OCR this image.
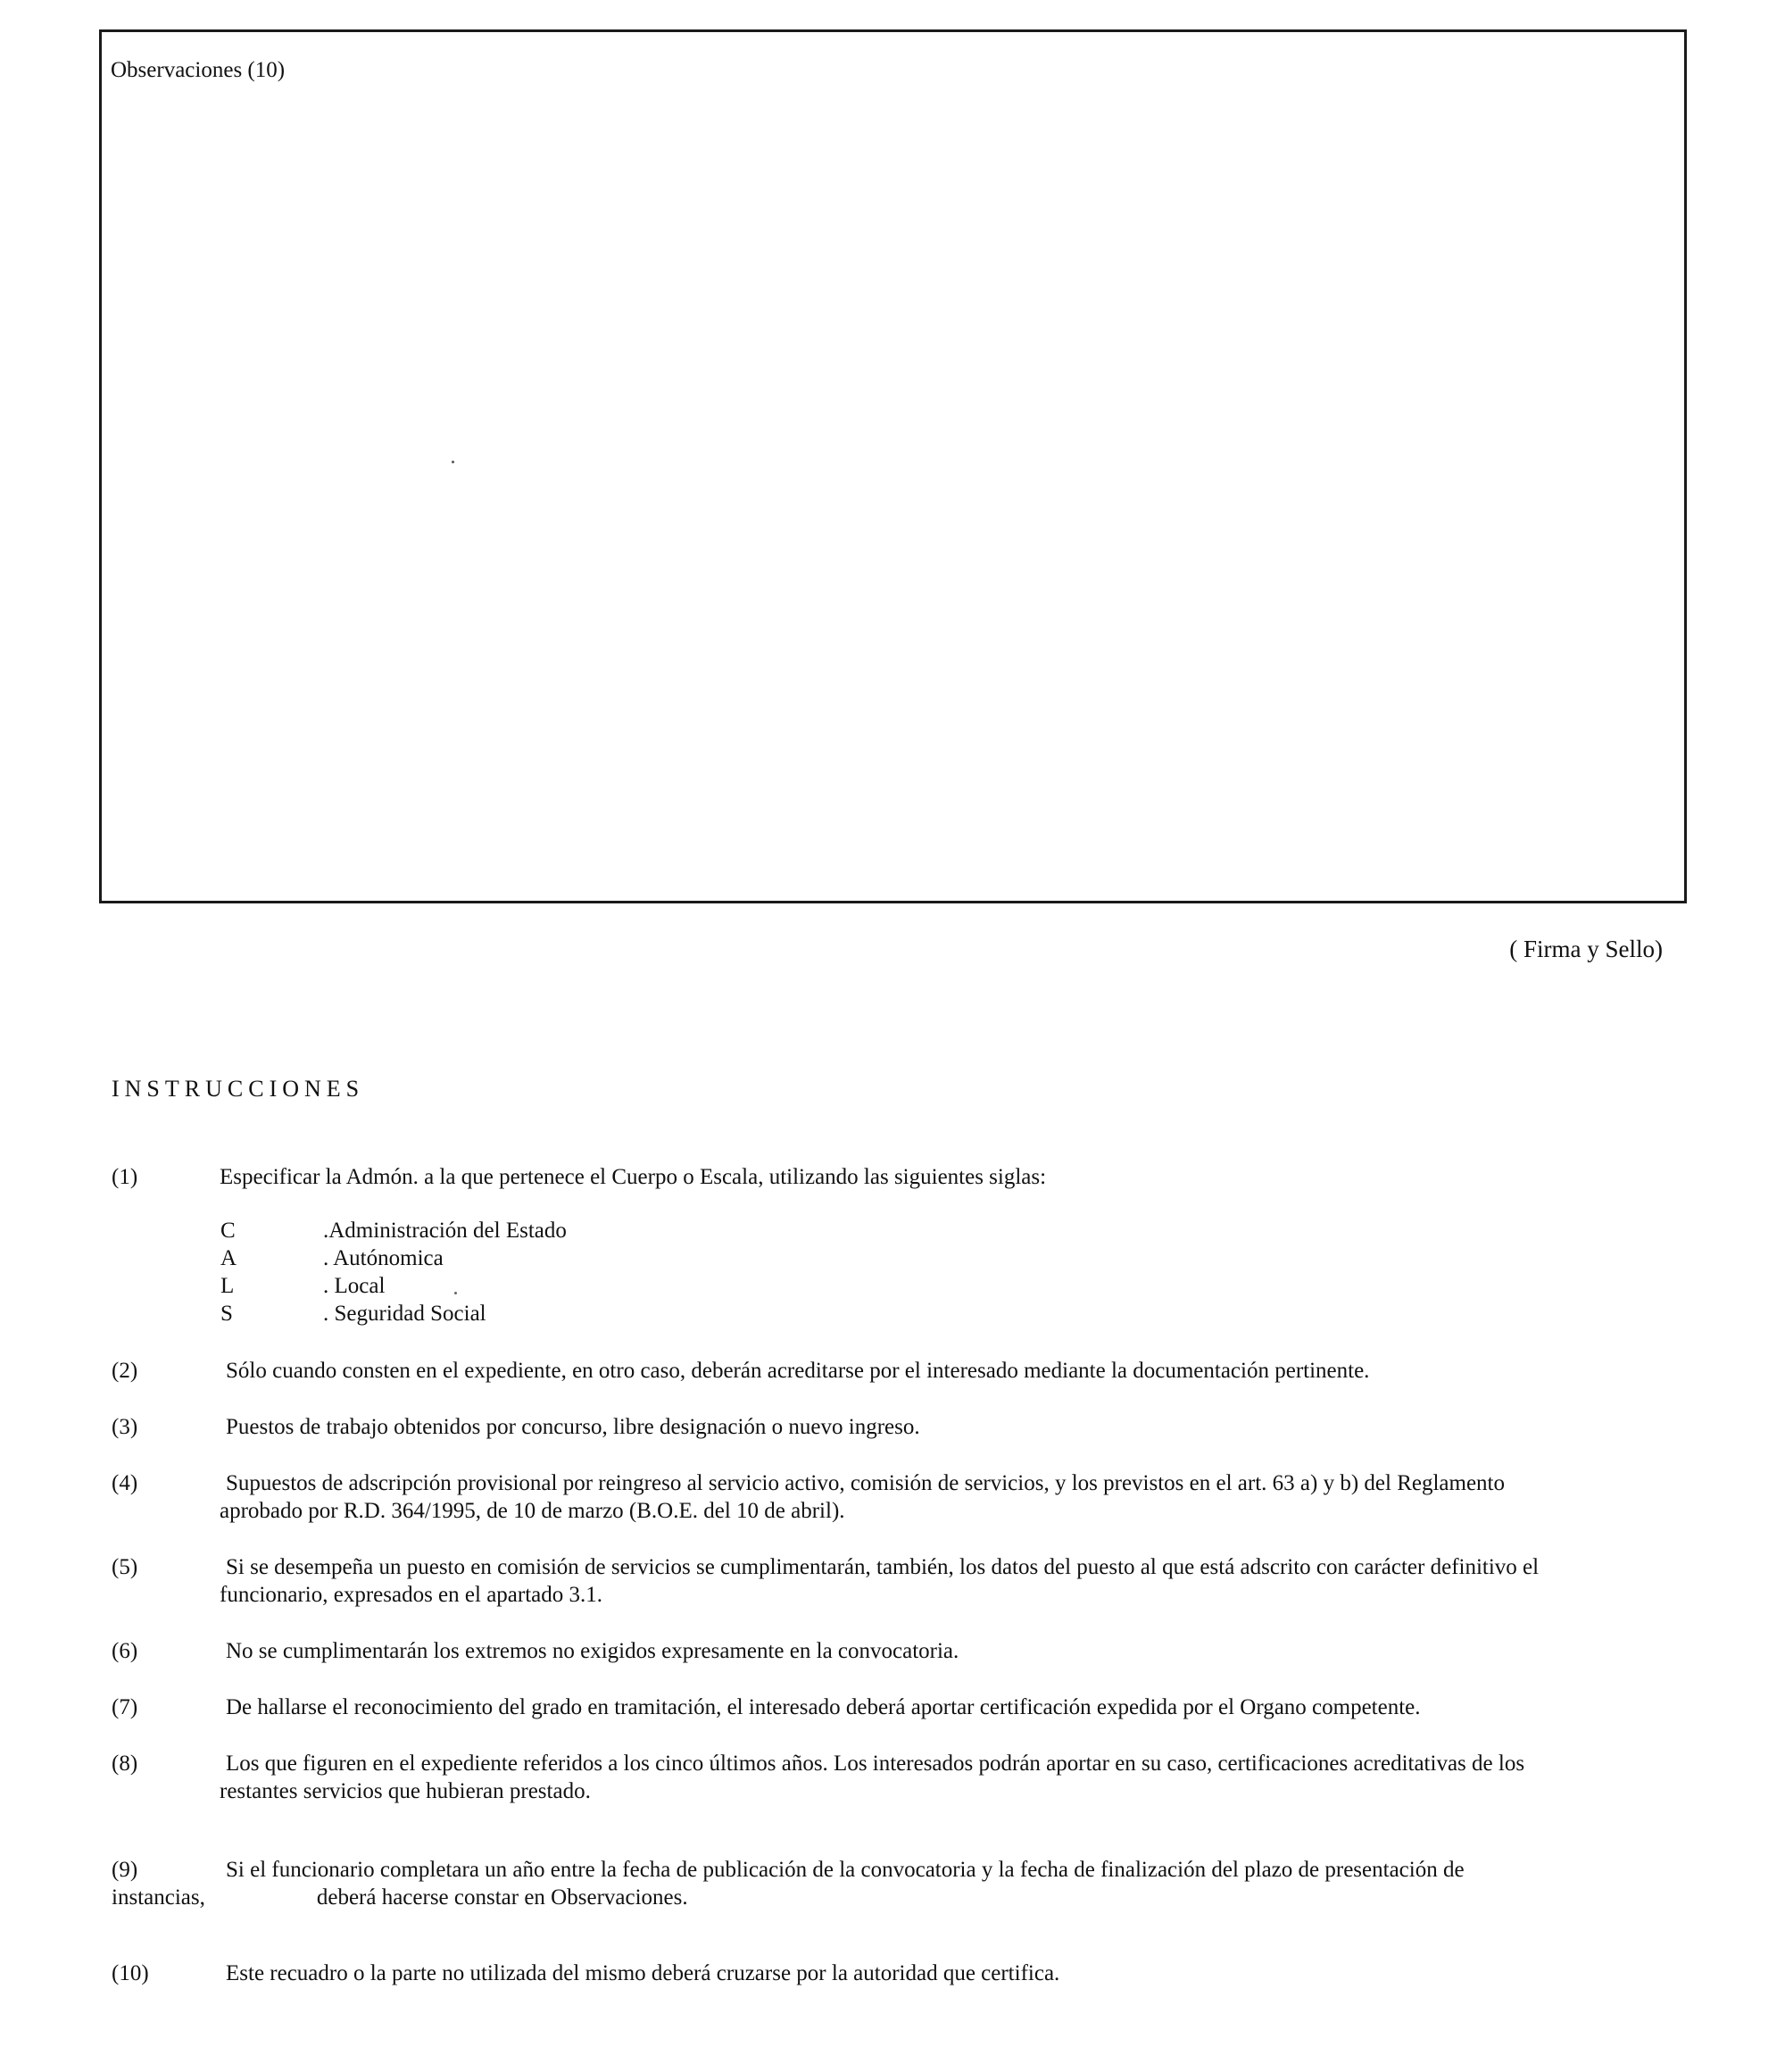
Observaciones (10)
( Firma y Sello)
INSTRUCCIONES
(1)	Especificar la Admón. a la que pertenece el Cuerpo o Escala, utilizando las siguientes siglas:
C	.Administración del Estado
A	. Autónomica
L	. Local
S	. Seguridad Social
(2)	Sólo cuando consten en el expediente, en otro caso, deberán acreditarse por el interesado mediante la documentación pertinente.
(3)	Puestos de trabajo obtenidos por concurso, libre designación o nuevo ingreso.
(4)	Supuestos de adscripción provisional por reingreso al servicio activo, comisión de servicios, y los previstos en el art. 63 a) y b) del Reglamento
aprobado por R.D. 364/1995, de 10 de marzo (B.O.E. del 10 de abril).
(5)	Si se desempeña un puesto en comisión de servicios se cumplimentarán, también, los datos del puesto al que está adscrito con carácter definitivo el
funcionario, expresados en el apartado 3.1.
(6)	No se cumplimentarán los extremos no exigidos expresamente en la convocatoria.
(7)	De hallarse el reconocimiento del grado en tramitación, el interesado deberá aportar certificación expedida por el Organo competente.
(8)	Los que figuren en el expediente referidos a los cinco últimos años. Los interesados podrán aportar en su caso, certificaciones acreditativas de los
restantes servicios que hubieran prestado.
(9)	Si el funcionario completara un año entre la fecha de publicación de la convocatoria y la fecha de finalización del plazo de presentación de
instancias,	deberá hacerse constar en Observaciones.
(10)	Este recuadro o la parte no utilizada del mismo deberá cruzarse por la autoridad que certifica.
